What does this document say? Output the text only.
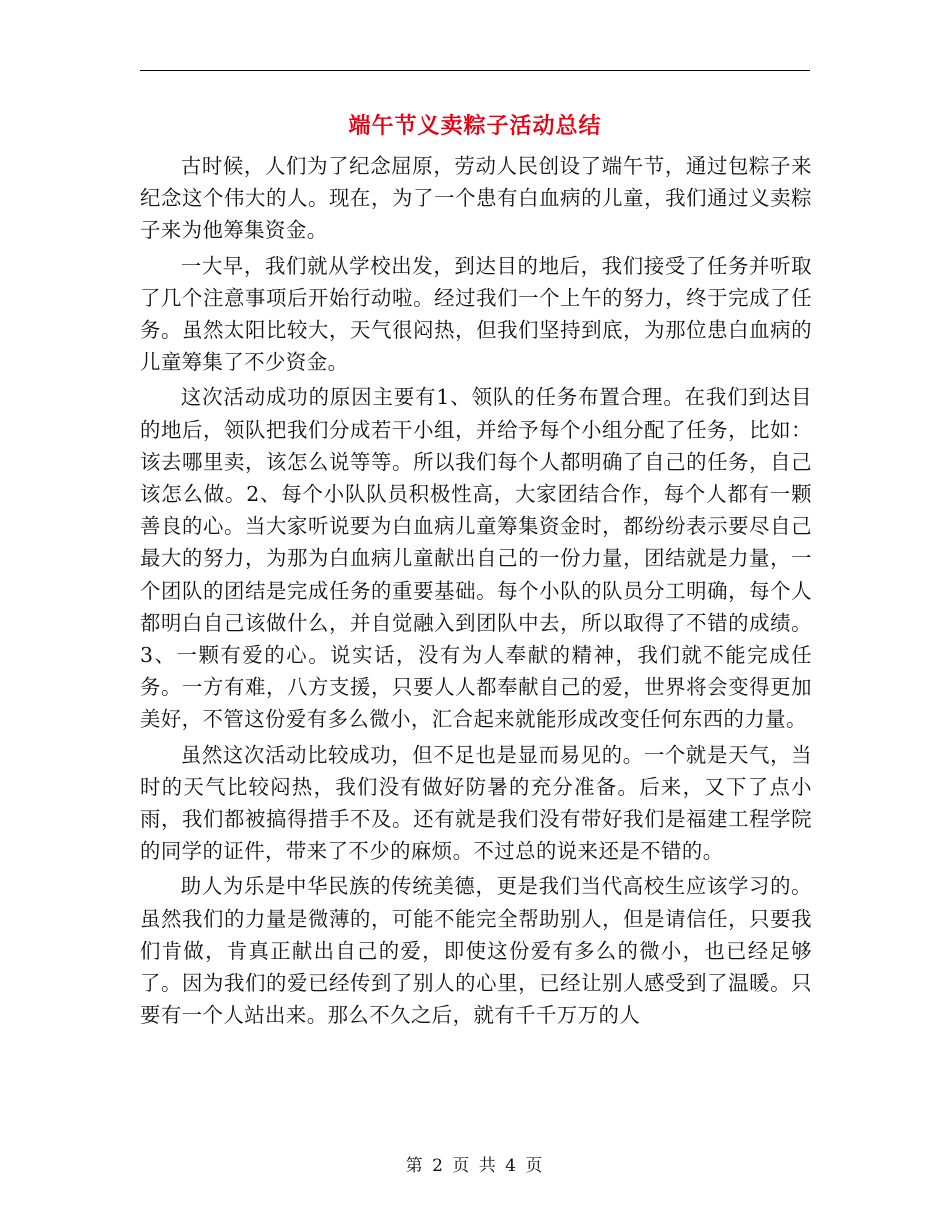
端午节义卖粽子活动总结

古时候，人们为了纪念屈原，劳动人民创设了端午节，通过包粽子来纪念这个伟大的人。现在，为了一个患有白血病的儿童，我们通过义卖粽子来为他筹集资金。

一大早，我们就从学校出发，到达目的地后，我们接受了任务并听取了几个注意事项后开始行动啦。经过我们一个上午的努力，终于完成了任务。虽然太阳比较大，天气很闷热，但我们坚持到底，为那位患白血病的儿童筹集了不少资金。

这次活动成功的原因主要有1、领队的任务布置合理。在我们到达目的地后，领队把我们分成若干小组，并给予每个小组分配了任务，比如：该去哪里卖，该怎么说等等。所以我们每个人都明确了自己的任务，自己该怎么做。2、每个小队队员积极性高，大家团结合作，每个人都有一颗善良的心。当大家听说要为白血病儿童筹集资金时，都纷纷表示要尽自己最大的努力，为那为白血病儿童献出自己的一份力量，团结就是力量，一个团队的团结是完成任务的重要基础。每个小队的队员分工明确，每个人都明白自己该做什么，并自觉融入到团队中去，所以取得了不错的成绩。3、一颗有爱的心。说实话，没有为人奉献的精神，我们就不能完成任务。一方有难，八方支援，只要人人都奉献自己的爱，世界将会变得更加美好，不管这份爱有多么微小，汇合起来就能形成改变任何东西的力量。

虽然这次活动比较成功，但不足也是显而易见的。一个就是天气，当时的天气比较闷热，我们没有做好防暑的充分准备。后来，又下了点小雨，我们都被搞得措手不及。还有就是我们没有带好我们是福建工程学院的同学的证件，带来了不少的麻烦。不过总的说来还是不错的。

助人为乐是中华民族的传统美德，更是我们当代高校生应该学习的。虽然我们的力量是微薄的，可能不能完全帮助别人，但是请信任，只要我们肯做，肯真正献出自己的爱，即使这份爱有多么的微小，也已经足够了。因为我们的爱已经传到了别人的心里，已经让别人感受到了温暖。只要有一个人站出来。那么不久之后，就有千千万万的人

第 2 页 共 4 页
